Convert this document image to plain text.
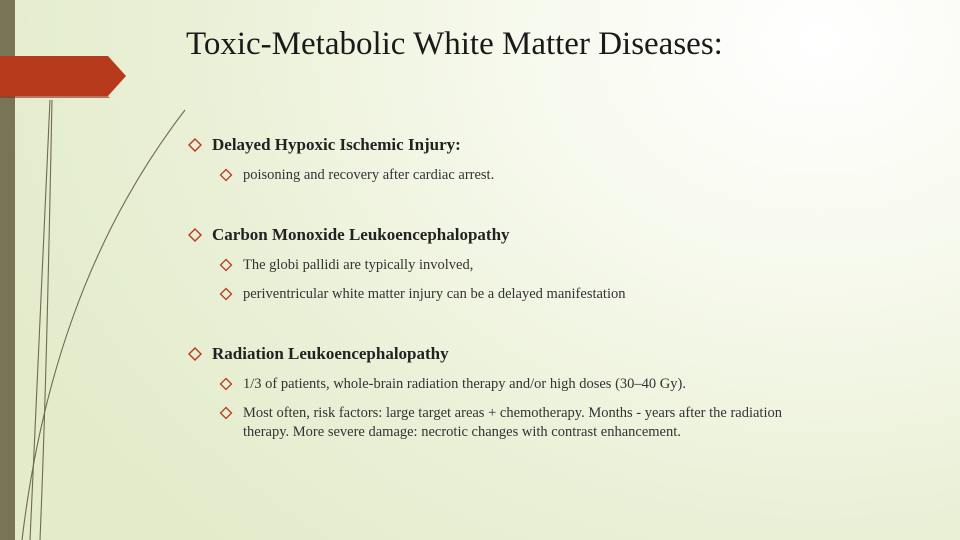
Toxic-Metabolic White Matter Diseases:
Delayed Hypoxic Ischemic Injury:
poisoning and recovery after cardiac arrest.
Carbon Monoxide Leukoencephalopathy
The globi pallidi are typically involved,
periventricular white matter injury can be a delayed manifestation
Radiation Leukoencephalopathy
1/3 of patients, whole-brain radiation therapy and/or high doses (30–40 Gy).
Most often, risk factors: large target areas + chemotherapy. Months - years after the radiation therapy. More severe damage: necrotic changes with contrast enhancement.
